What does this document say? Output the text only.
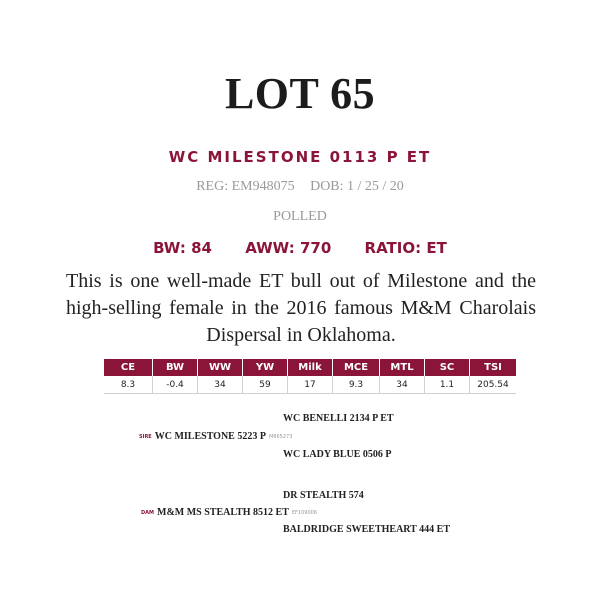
LOT 65
WC MILESTONE 0113 P ET
REG: EM948075 DOB: 1 / 25 / 20
POLLED
BW: 84 AWW: 770 RATIO: ET
This is one well-made ET bull out of Milestone and the high-selling female in the 2016 famous M&M Charolais Dispersal in Oklahoma.
CE	BW	WW	YW	Milk	MCE	MTL	SC	TSI
8.3	-0.4	34	59	17	9.3	34	1.1	205.54
WC BENELLI 2134 P ET
SIRE WC MILESTONE 5223 P M865273
WC LADY BLUE 0506 P
DR STEALTH 574
DAM M&M MS STEALTH 8512 ET EF109006
BALDRIDGE SWEETHEART 444 ET
